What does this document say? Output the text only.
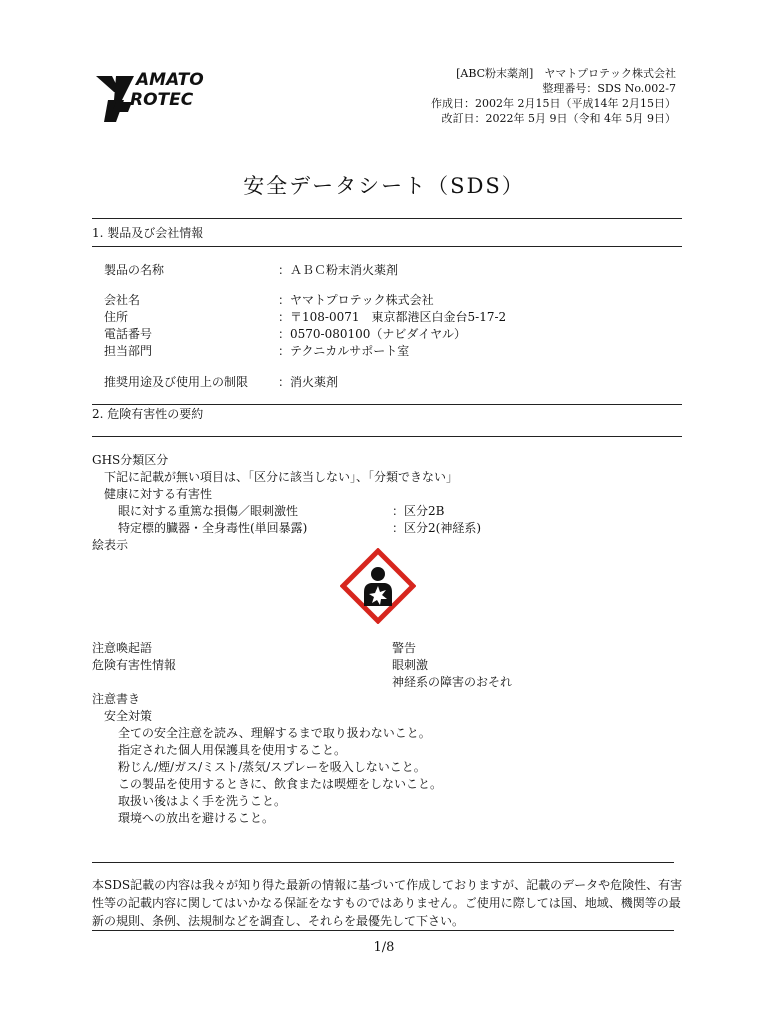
AMATO
ROTEC
[ABC粉末薬剤]　ヤマトプロテック株式会社
整理番号：SDS No.002-7
作成日：2002年 2月15日（平成14年 2月15日）
改訂日：2022年 5月 9日（令和 4年 5月 9日）
安全データシート（SDS）
1. 製品及び会社情報
製品の名称	：ＡＢＣ粉末消火薬剤
会社名	：ヤマトプロテック株式会社
住所	：〒108-0071　東京都港区白金台5-17-2
電話番号	：0570-080100（ナビダイヤル）
担当部門	：テクニカルサポート室
推奨用途及び使用上の制限 ：消火薬剤
2. 危険有害性の要約
GHS分類区分
下記に記載が無い項目は、「区分に該当しない」、「分類できない」
健康に対する有害性
眼に対する重篤な損傷／眼刺激性	：区分2B
特定標的臓器・全身毒性(単回暴露)	：区分2(神経系)
絵表示
注意喚起語	警告
危険有害性情報	眼刺激
神経系の障害のおそれ
注意書き
安全対策
全ての安全注意を読み、理解するまで取り扱わないこと。
指定された個人用保護具を使用すること。
粉じん/煙/ガス/ミスト/蒸気/スプレーを吸入しないこと。
この製品を使用するときに、飲食または喫煙をしないこと。
取扱い後はよく手を洗うこと。
環境への放出を避けること。
本SDS記載の内容は我々が知り得た最新の情報に基づいて作成しておりますが、記載のデータや危険性、有害性等の記載内容に関してはいかなる保証をなすものではありません。ご使用に際しては国、地域、機関等の最新の規則、条例、法規制などを調査し、それらを最優先して下さい。
1/8
